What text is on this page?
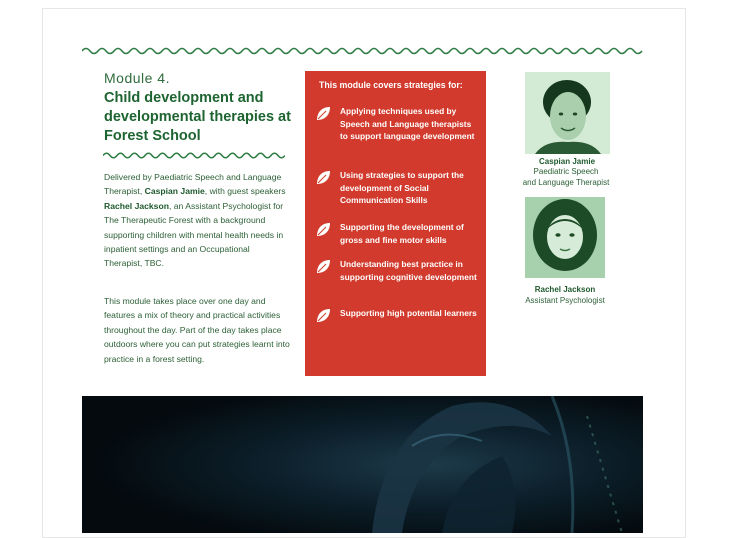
Module 4.
Child development and developmental therapies at Forest School
Delivered by Paediatric Speech and Language Therapist, Caspian Jamie, with guest speakers Rachel Jackson, an Assistant Psychologist for The Therapeutic Forest with a background supporting children with mental health needs in inpatient settings and an Occupational Therapist, TBC.
This module takes place over one day and features a mix of theory and practical activities throughout the day. Part of the day takes place outdoors where you can put strategies learnt into practice in a forest setting.
This module covers strategies for:
Applying techniques used by Speech and Language therapists to support language development
Using strategies to support the development of Social Communication Skills
Supporting the development of gross and fine motor skills
Understanding best practice in supporting cognitive development
Supporting high potential learners
Caspian Jamie
Paediatric Speech
and Language Therapist
Rachel Jackson
Assistant Psychologist
